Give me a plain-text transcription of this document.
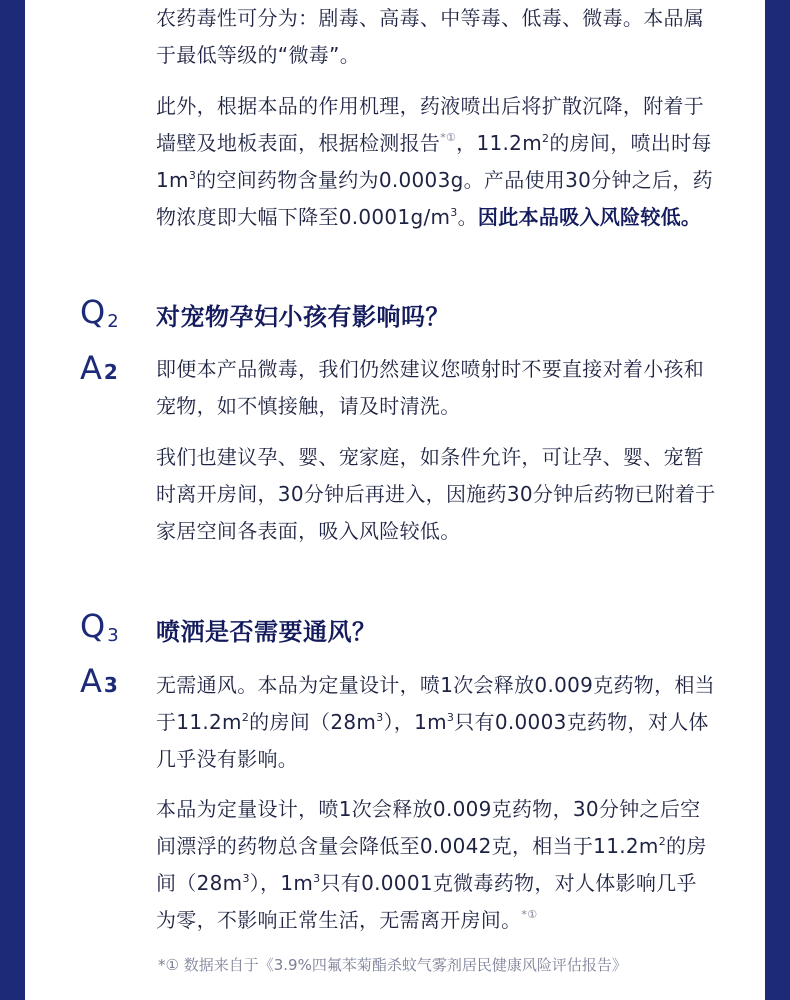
农药毒性可分为：剧毒、高毒、中等毒、低毒、微毒。本品属于最低等级的“微毒”。

此外，根据本品的作用机理，药液喷出后将扩散沉降，附着于墙壁及地板表面，根据检测报告*①，$11.2m^2$的房间，喷出时每$1m^3$的空间药物含量约为0.0003g。产品使用30分钟之后，药物浓度即大幅下降至$0.0001g/m^3$。因此本品吸入风险较低。

Q $_2$
A 2
对宠物孕妇小孩有影响吗？

即便本产品微毒，我们仍然建议您喷射时不要直接对着小孩和宠物，如不慎接触，请及时清洗。

我们也建议孕、婴、宠家庭，如条件允许，可让孕、婴、宠暂时离开房间，30分钟后再进入，因施药30分钟后药物已附着于家居空间各表面，吸入风险较低。

Q $_3$
A 3
喷洒是否需要通风？

无需通风。本品为定量设计，喷1次会释放0.009克药物，相当于$11.2m^2$的房间$(28m^3)$，$1m^3$只有0.0003克药物，对人体几乎没有影响。

本品为定量设计，喷1次会释放0.009克药物，30分钟之后空间漂浮的药物总含量会降低至0.0042克，相当于$11.2m^2$的房间$(28m^3)$，$1m^3$只有0.0001克微毒药物，对人体影响几乎为零，不影响正常生活，无需离开房间。*①

*① 数据来自于《3.9%四氟苯菊酯杀蚊气雾剂居民健康风险评估报告》
